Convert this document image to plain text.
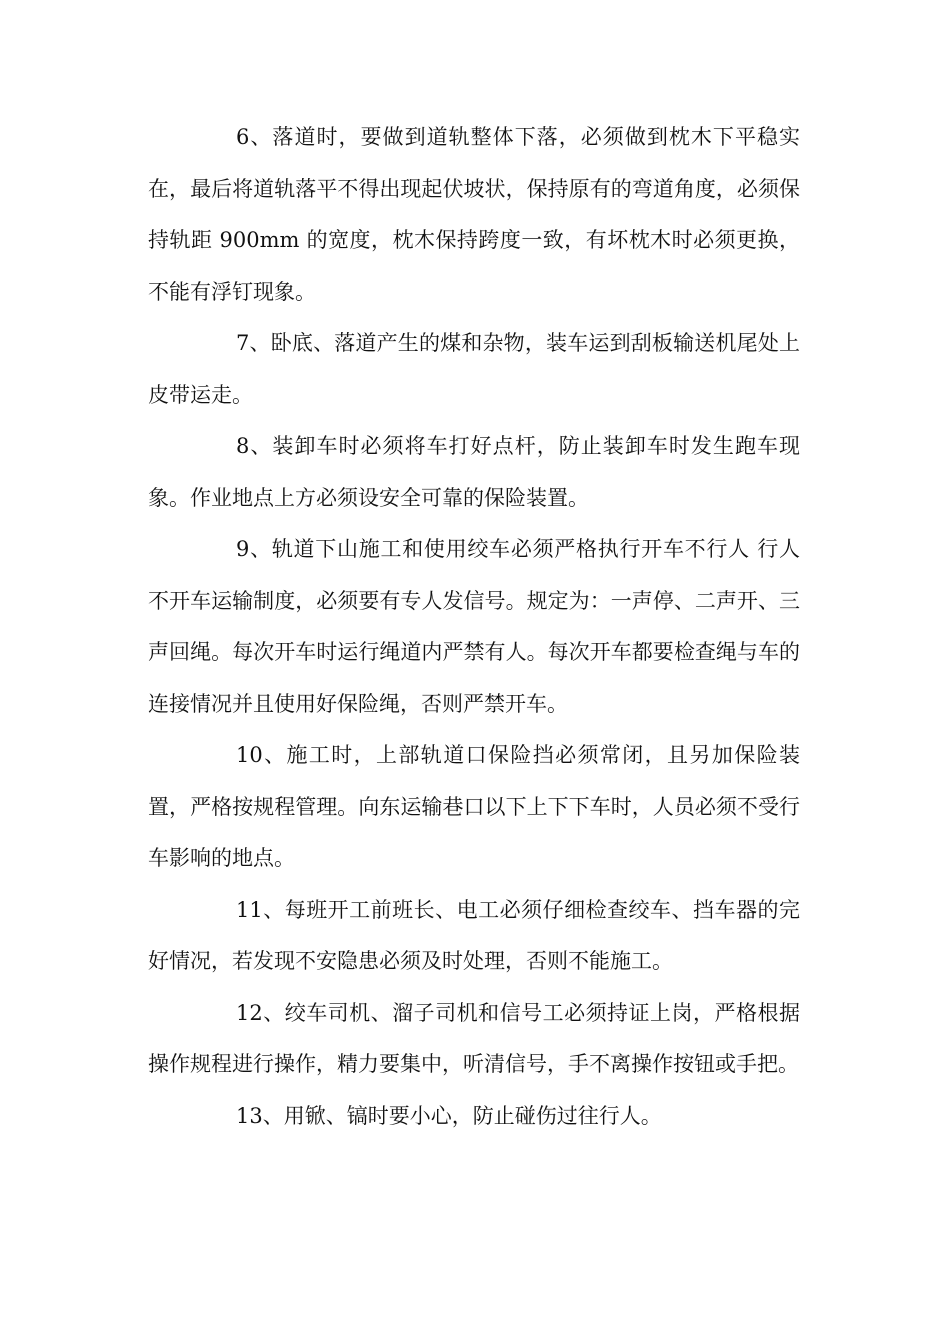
6、落道时，要做到道轨整体下落，必须做到枕木下平稳实在，最后将道轨落平不得出现起伏坡状，保持原有的弯道角度，必须保持轨距 900mm 的宽度，枕木保持跨度一致，有坏枕木时必须更换，不能有浮钉现象。

7、卧底、落道产生的煤和杂物，装车运到刮板输送机尾处上皮带运走。

8、装卸车时必须将车打好点杆，防止装卸车时发生跑车现象。作业地点上方必须设安全可靠的保险装置。

9、轨道下山施工和使用绞车必须严格执行开车不行人 行人不开车运输制度，必须要有专人发信号。规定为：一声停、二声开、三声回绳。每次开车时运行绳道内严禁有人。每次开车都要检查绳与车的连接情况并且使用好保险绳，否则严禁开车。

10、施工时，上部轨道口保险挡必须常闭，且另加保险装置，严格按规程管理。向东运输巷口以下上下下车时，人员必须不受行车影响的地点。

11、每班开工前班长、电工必须仔细检查绞车、挡车器的完好情况，若发现不安隐患必须及时处理，否则不能施工。

12、绞车司机、溜子司机和信号工必须持证上岗，严格根据操作规程进行操作，精力要集中，听清信号，手不离操作按钮或手把。

13、用锨、镐时要小心，防止碰伤过往行人。
